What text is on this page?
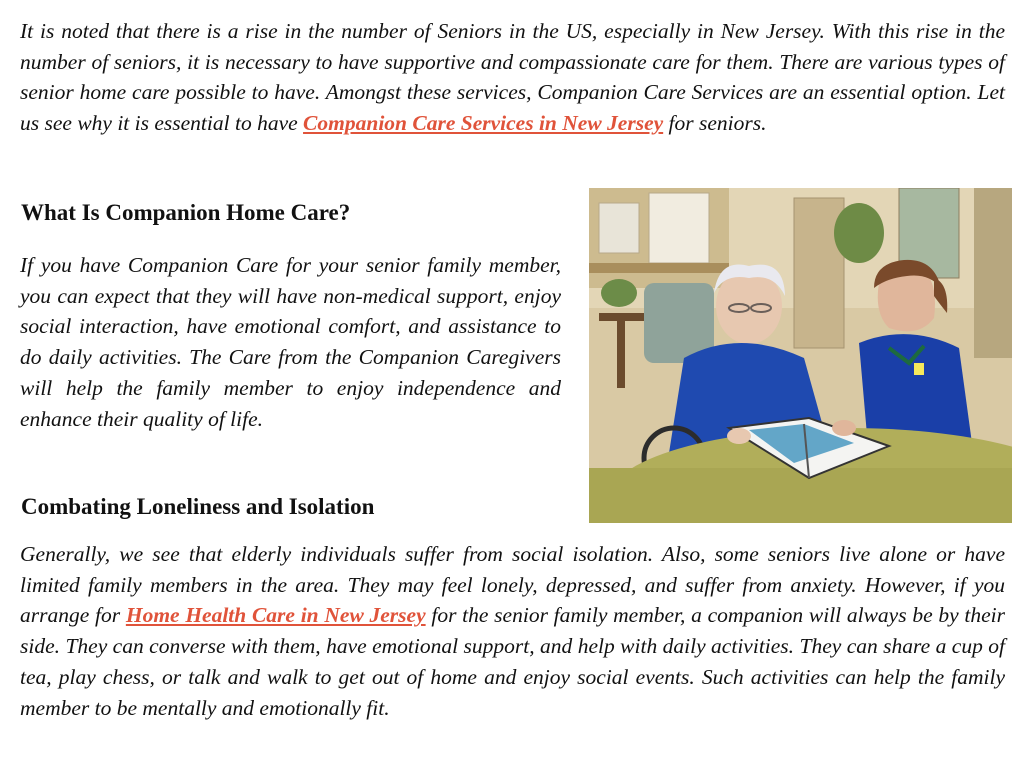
It is noted that there is a rise in the number of Seniors in the US, especially in New Jersey. With this rise in the number of seniors, it is necessary to have supportive and compassionate care for them. There are various types of senior home care possible to have. Amongst these services, Companion Care Services are an essential option. Let us see why it is essential to have Companion Care Services in New Jersey for seniors.

What Is Companion Home Care?

If you have Companion Care for your senior family member, you can expect that they will have non-medical support, enjoy social interaction, have emotional comfort, and assistance to do daily activities. The Care from the Companion Caregivers will help the family member to enjoy independence and enhance their quality of life.

Combating Loneliness and Isolation

Generally, we see that elderly individuals suffer from social isolation. Also, some seniors live alone or have limited family members in the area. They may feel lonely, depressed, and suffer from anxiety. However, if you arrange for Home Health Care in New Jersey for the senior family member, a companion will always be by their side. They can converse with them, have emotional support, and help with daily activities. They can share a cup of tea, play chess, or talk and walk to get out of home and enjoy social events. Such activities can help the family member to be mentally and emotionally fit.
